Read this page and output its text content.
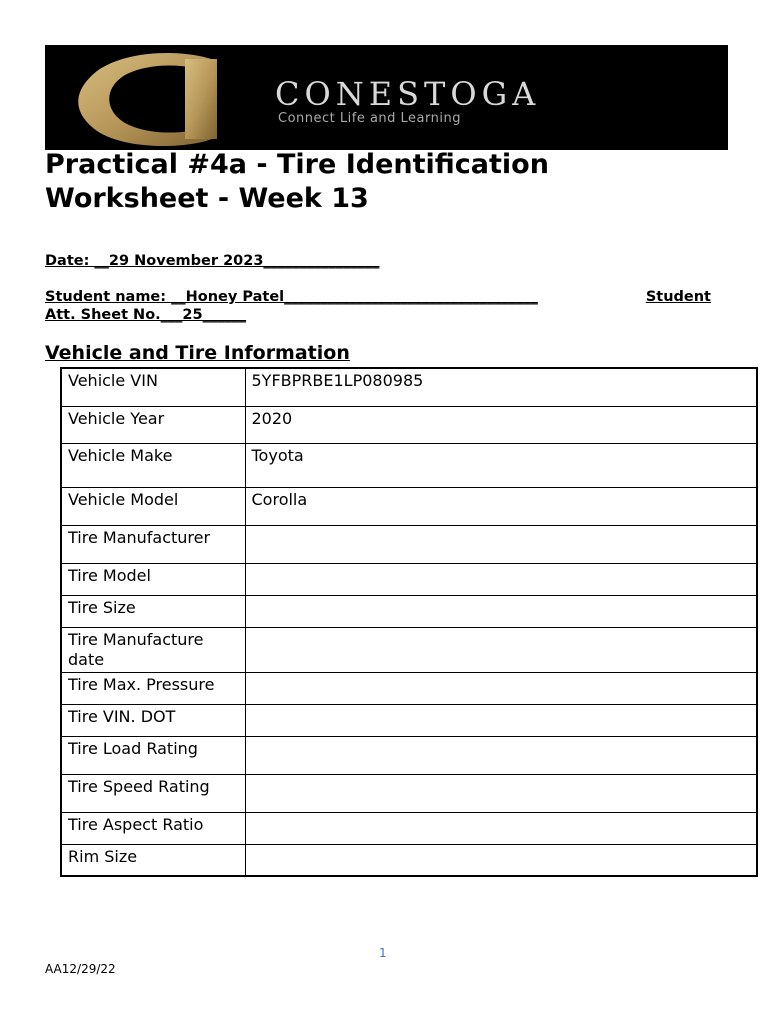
CONESTOGA
Connect Life and Learning
Practical #4a - Tire Identification Worksheet - Week 13
Date: __29 November 2023________________
Student name: __Honey Patel___________________________________	Student
Att. Sheet No.___25______
Vehicle and Tire Information
Vehicle VIN	5YFBPRBE1LP080985
Vehicle Year	2020
Vehicle Make	Toyota
Vehicle Model	Corolla
Tire Manufacturer	
Tire Model	
Tire Size	
Tire Manufacture date	
Tire Max. Pressure	
Tire VIN. DOT	
Tire Load Rating	
Tire Speed Rating	
Tire Aspect Ratio	
Rim Size	
1
AA12/29/22
